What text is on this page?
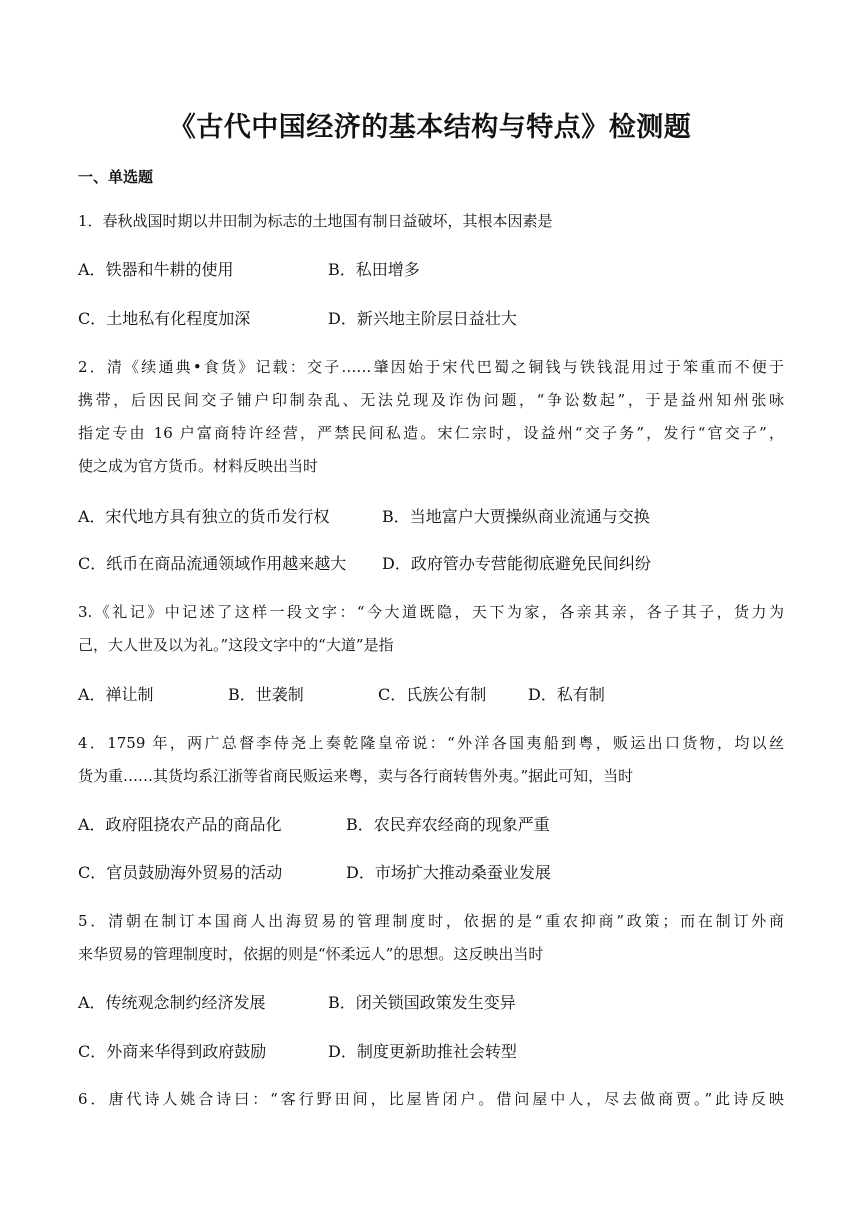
《古代中国经济的基本结构与特点》检测题
一、单选题
1．春秋战国时期以井田制为标志的土地国有制日益破坏，其根本因素是
A．铁器和牛耕的使用	B．私田增多
C．土地私有化程度加深	D．新兴地主阶层日益壮大
2．清《续通典•食货》记载：交子……肇因始于宋代巴蜀之铜钱与铁钱混用过于笨重而不便于
携带，后因民间交子铺户印制杂乱、无法兑现及诈伪问题，“争讼数起”，于是益州知州张咏
指定专由 16 户富商特许经营，严禁民间私造。宋仁宗时，设益州“交子务”，发行“官交子”，
使之成为官方货币。材料反映出当时
A．宋代地方具有独立的货币发行权	B．当地富户大贾操纵商业流通与交换
C．纸币在商品流通领域作用越来越大 D．政府管办专营能彻底避免民间纠纷
3.《礼记》中记述了这样一段文字：“今大道既隐，天下为家，各亲其亲，各子其子，货力为
己，大人世及以为礼。”这段文字中的“大道”是指
A．禅让制	B．世袭制	C．氏族公有制	D．私有制
4．1759 年，两广总督李侍尧上奏乾隆皇帝说：“外洋各国夷船到粤，贩运出口货物，均以丝
货为重……其货均系江浙等省商民贩运来粤，卖与各行商转售外夷。”据此可知，当时
A．政府阻挠农产品的商品化	B．农民弃农经商的现象严重
C．官员鼓励海外贸易的活动	D．市场扩大推动桑蚕业发展
5．清朝在制订本国商人出海贸易的管理制度时，依据的是“重农抑商”政策；而在制订外商
来华贸易的管理制度时，依据的则是“怀柔远人”的思想。这反映出当时
A．传统观念制约经济发展	B．闭关锁国政策发生变异
C．外商来华得到政府鼓励	D．制度更新助推社会转型
6．唐代诗人姚合诗曰：“客行野田间，比屋皆闭户。借问屋中人，尽去做商贾。”此诗反映
